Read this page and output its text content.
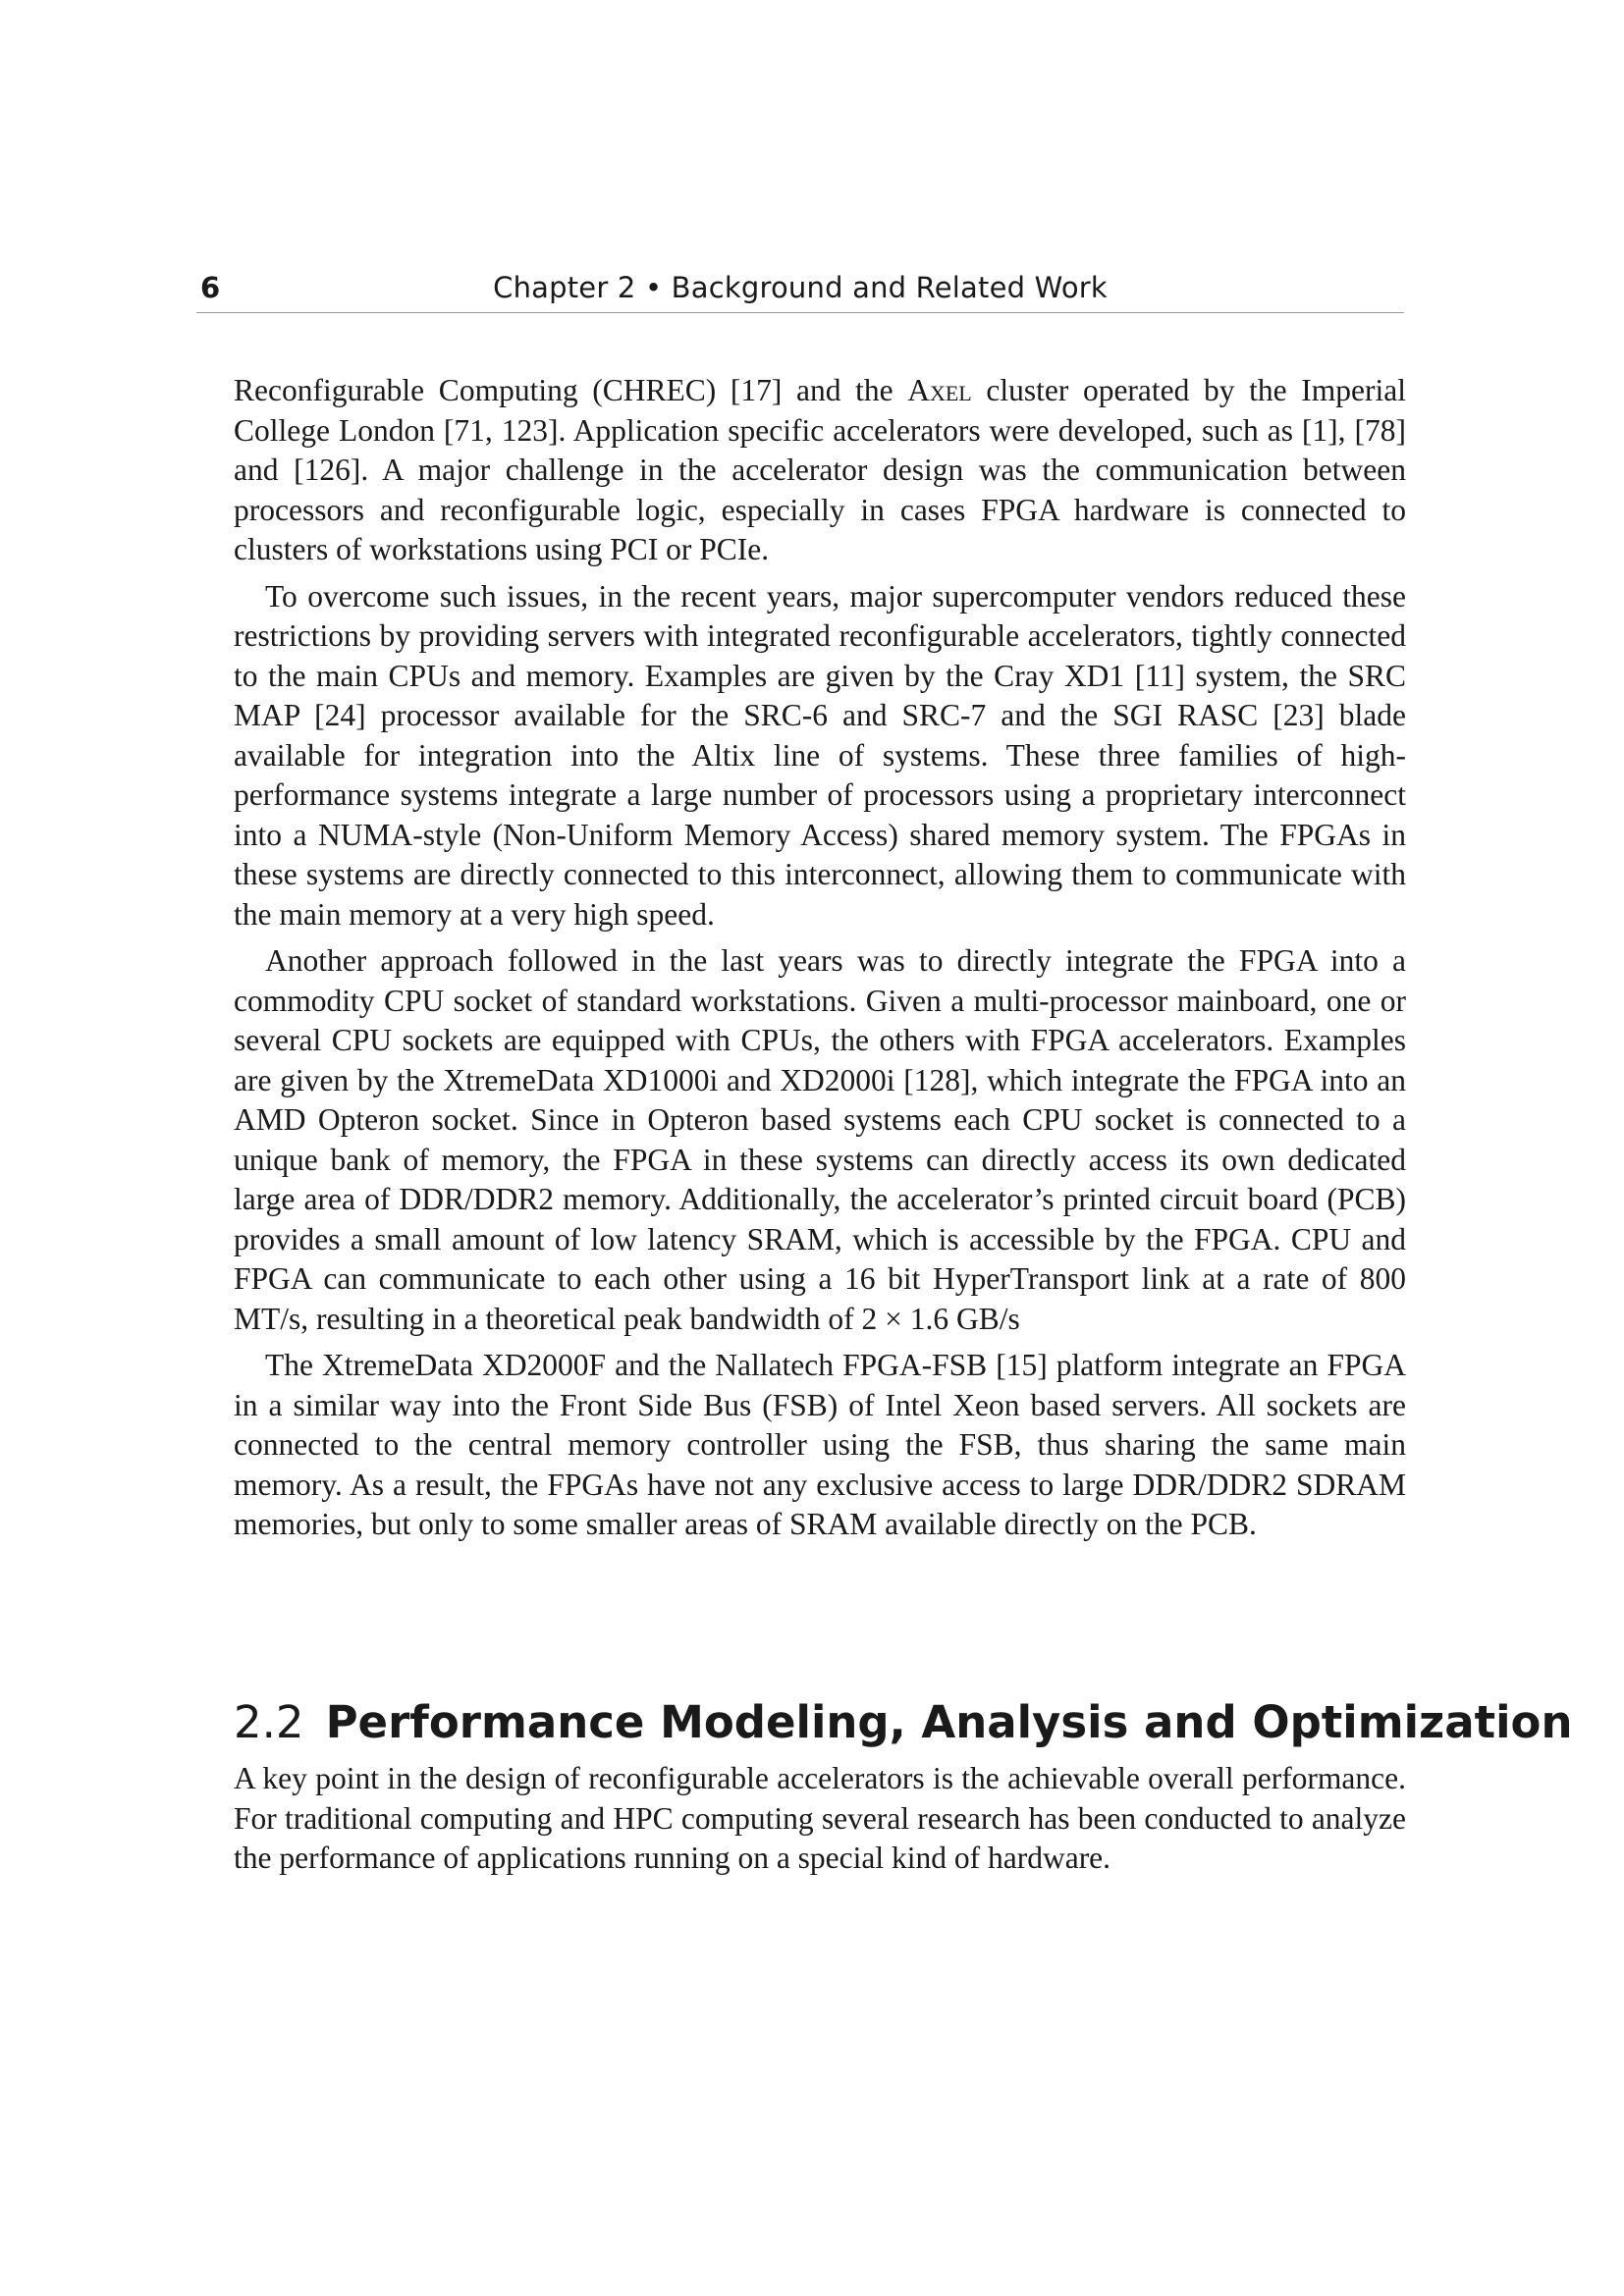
6	Chapter 2 • Background and Related Work

Reconfigurable Computing (CHREC) [17] and the Axel cluster operated by the Imperial College London [71, 123]. Application specific accelerators were developed, such as [1], [78] and [126]. A major challenge in the accelerator design was the communication between processors and reconfigurable logic, especially in cases FPGA hardware is connected to clusters of workstations using PCI or PCIe.

To overcome such issues, in the recent years, major supercomputer vendors reduced these restrictions by providing servers with integrated reconfigurable accelerators, tightly connected to the main CPUs and memory. Examples are given by the Cray XD1 [11] system, the SRC MAP [24] processor available for the SRC-6 and SRC-7 and the SGI RASC [23] blade available for integration into the Altix line of systems. These three families of high-performance systems integrate a large number of processors using a proprietary interconnect into a NUMA-style (Non-Uniform Memory Access) shared memory system. The FPGAs in these systems are directly connected to this interconnect, allowing them to communicate with the main memory at a very high speed.

Another approach followed in the last years was to directly integrate the FPGA into a commodity CPU socket of standard workstations. Given a multi-processor mainboard, one or several CPU sockets are equipped with CPUs, the others with FPGA accelerators. Examples are given by the XtremeData XD1000i and XD2000i [128], which integrate the FPGA into an AMD Opteron socket. Since in Opteron based systems each CPU socket is connected to a unique bank of memory, the FPGA in these systems can directly access its own dedicated large area of DDR/DDR2 memory. Additionally, the accelerator’s printed circuit board (PCB) provides a small amount of low latency SRAM, which is accessible by the FPGA. CPU and FPGA can communicate to each other using a 16 bit HyperTransport link at a rate of 800 MT/s, resulting in a theoretical peak bandwidth of 2 × 1.6 GB/s

The XtremeData XD2000F and the Nallatech FPGA-FSB [15] platform integrate an FPGA in a similar way into the Front Side Bus (FSB) of Intel Xeon based servers. All sockets are connected to the central memory controller using the FSB, thus sharing the same main memory. As a result, the FPGAs have not any exclusive access to large DDR/DDR2 SDRAM memories, but only to some smaller areas of SRAM available directly on the PCB.

2.2 Performance Modeling, Analysis and Optimization

A key point in the design of reconfigurable accelerators is the achievable overall performance. For traditional computing and HPC computing several research has been conducted to analyze the performance of applications running on a special kind of hardware.
